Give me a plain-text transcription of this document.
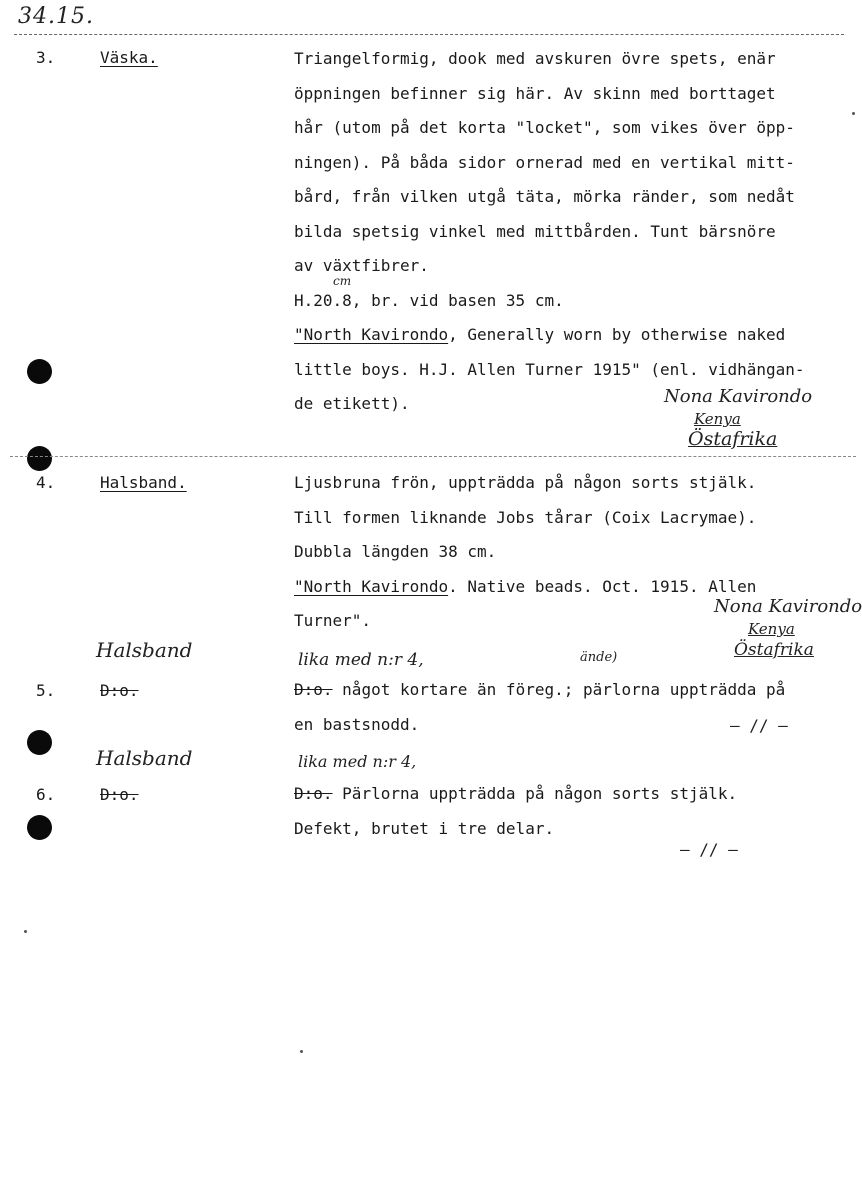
34.15.
3.	Väska.	Triangelformig, dook med avskuren övre spets, enär
öppningen befinner sig här. Av skinn med borttaget
hår (utom på det korta "locket", som vikes över öpp-
ningen). På båda sidor ornerad med en vertikal mitt-
bård, från vilken utgå täta, mörka ränder, som nedåt
bilda spetsig vinkel med mittbården. Tunt bärsnöre
av växtfibrer.
H.20.8, br. vid basen 35 cm.
"North Kavirondo, Generally worn by otherwise naked
little boys. H.J. Allen Turner 1915" (enl. vidhängan-
de etikett).
cm
Nona Kavirondo
Kenya
Östafrika
4.	Halsband.	Ljusbruna frön, uppträdda på någon sorts stjälk.
Till formen liknande Jobs tårar (Coix Lacrymae).
Dubbla längden 38 cm.
"North Kavirondo. Native beads. Oct. 1915. Allen
Turner".
Nona Kavirondo
Kenya
Östafrika
Halsband	lika med n:r 4,	ände)
5.	D:o.	D:o. något kortare än föreg.; pärlorna uppträdda på
en bastsnodd.	— // —
Halsband	lika med n:r 4,
6.	D:o.	D:o. Pärlorna uppträdda på någon sorts stjälk.
Defekt, brutet i tre delar.
— // —
